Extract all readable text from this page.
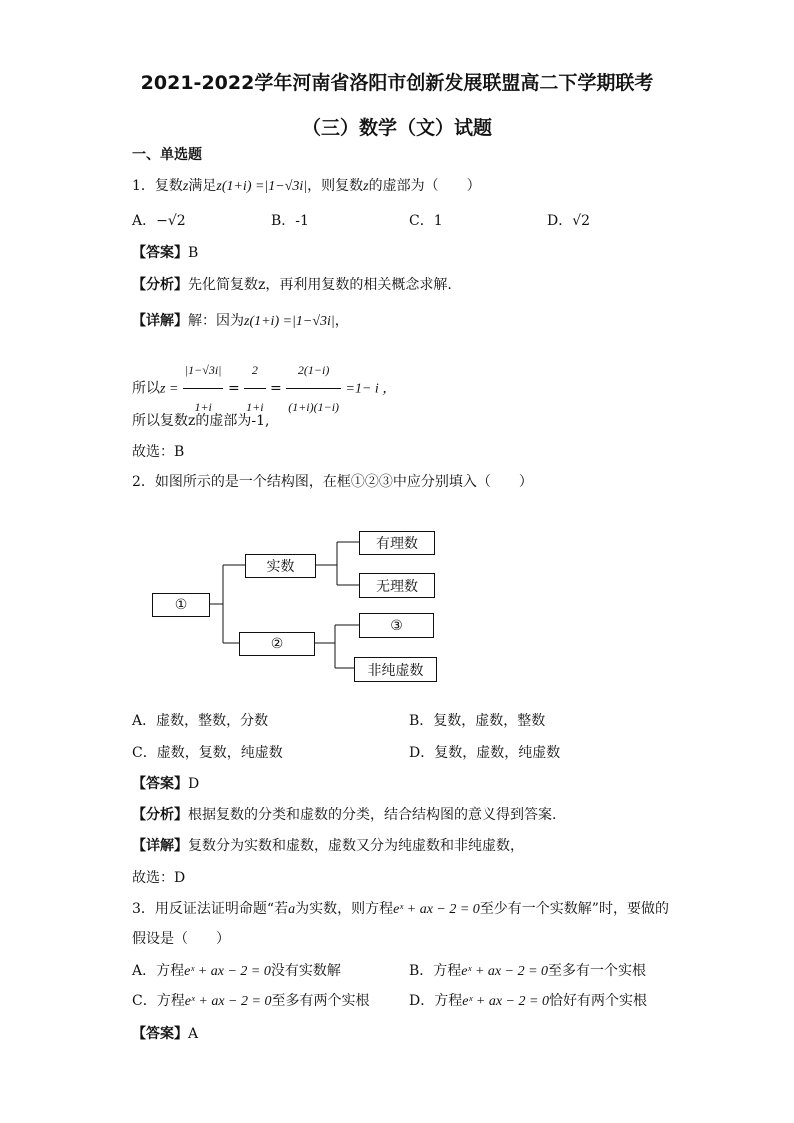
2021-2022学年河南省洛阳市创新发展联盟高二下学期联考
（三）数学（文）试题
一、单选题
1．复数z满足z(1+i) =|1−√3i|，则复数z的虚部为（　　）
A．−√2	B．-1	C．1	D．√2
【答案】B
【分析】先化简复数z，再利用复数的相关概念求解.
【详解】解：因为z(1+i) =|1−√3i|，
所以$z = \frac{|1-√3i|}{1+i} = \frac{2}{1+i} = \frac{2(1-i)}{(1+i)(1-i)} =1- i$ ，
所以复数z的虚部为-1,
故选：B
2．如图所示的是一个结构图，在框①②③中应分别填入（　　）
①
实数
有理数
无理数
②
③
非纯虚数
A．虚数，整数，分数	B．复数，虚数，整数
C．虚数，复数，纯虚数	D．复数，虚数，纯虚数
【答案】D
【分析】根据复数的分类和虚数的分类，结合结构图的意义得到答案.
【详解】复数分为实数和虚数，虚数又分为纯虚数和非纯虚数，
故选：D
3．用反证法证明命题“若a为实数，则方程eˣ + ax − 2 = 0至少有一个实数解”时，要做的
假设是（　　）
A．方程eˣ + ax − 2 = 0没有实数解	B．方程eˣ + ax − 2 = 0至多有一个实根
C．方程eˣ + ax − 2 = 0至多有两个实根	D．方程eˣ + ax − 2 = 0恰好有两个实根
【答案】A
